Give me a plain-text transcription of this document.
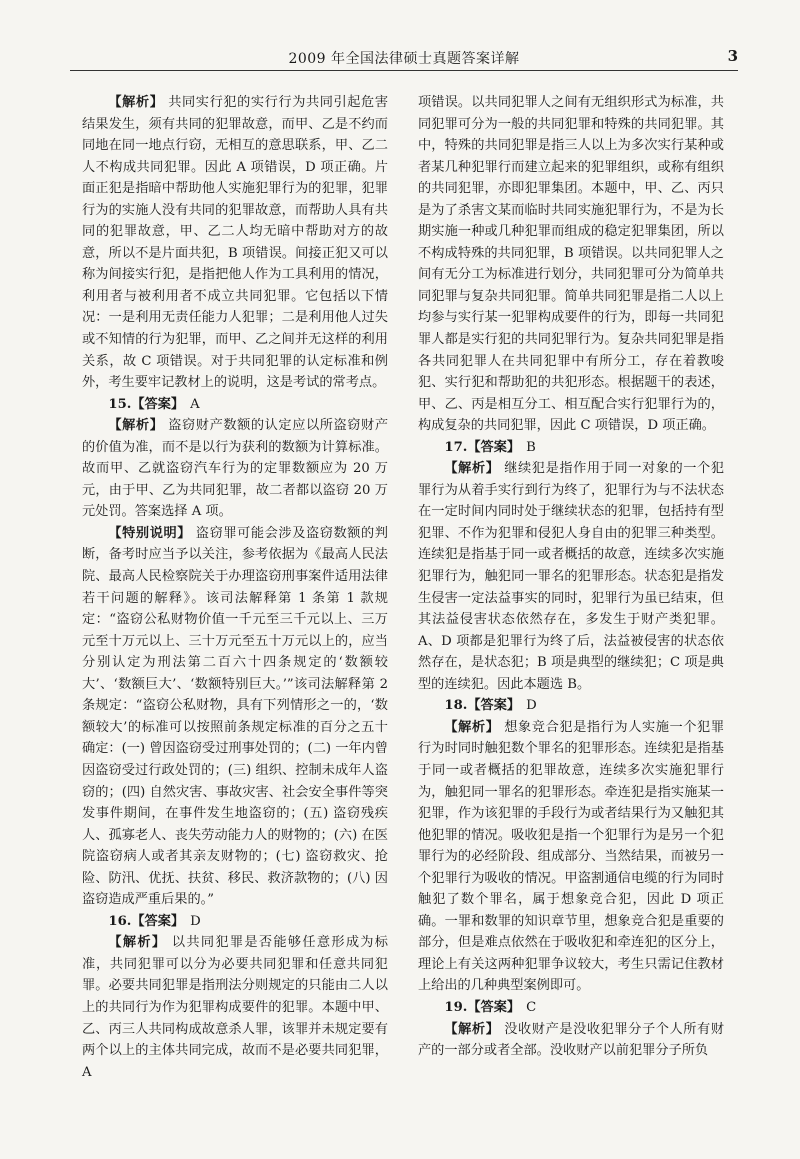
2009 年全国法律硕士真题答案详解	3

【解析】 共同实行犯的实行行为共同引起危害结果发生，须有共同的犯罪故意，而甲、乙是不约而同地在同一地点行窃，无相互的意思联系，甲、乙二人不构成共同犯罪。因此 A 项错误，D 项正确。片面正犯是指暗中帮助他人实施犯罪行为的犯罪，犯罪行为的实施人没有共同的犯罪故意，而帮助人具有共同的犯罪故意，甲、乙二人均无暗中帮助对方的故意，所以不是片面共犯，B 项错误。间接正犯又可以称为间接实行犯，是指把他人作为工具利用的情况，利用者与被利用者不成立共同犯罪。它包括以下情况：一是利用无责任能力人犯罪；二是利用他人过失或不知情的行为犯罪，而甲、乙之间并无这样的利用关系，故 C 项错误。对于共同犯罪的认定标准和例外，考生要牢记教材上的说明，这是考试的常考点。

15.【答案】 A

【解析】 盗窃财产数额的认定应以所盗窃财产的价值为准，而不是以行为获利的数额为计算标准。故而甲、乙就盗窃汽车行为的定罪数额应为 20 万元，由于甲、乙为共同犯罪，故二者都以盗窃 20 万元处罚。答案选择 A 项。

【特别说明】 盗窃罪可能会涉及盗窃数额的判断，备考时应当予以关注，参考依据为《最高人民法院、最高人民检察院关于办理盗窃刑事案件适用法律若干问题的解释》。该司法解释第 1 条第 1 款规定：“盗窃公私财物价值一千元至三千元以上、三万元至十万元以上、三十万元至五十万元以上的，应当分别认定为刑法第二百六十四条规定的‘数额较大’、‘数额巨大’、‘数额特别巨大。’”该司法解释第 2 条规定：“盗窃公私财物，具有下列情形之一的，‘数额较大’的标准可以按照前条规定标准的百分之五十确定：(一) 曾因盗窃受过刑事处罚的；(二) 一年内曾因盗窃受过行政处罚的；(三) 组织、控制未成年人盗窃的；(四) 自然灾害、事故灾害、社会安全事件等突发事件期间，在事件发生地盗窃的；(五) 盗窃残疾人、孤寡老人、丧失劳动能力人的财物的；(六) 在医院盗窃病人或者其亲友财物的；(七) 盗窃救灾、抢险、防汛、优抚、扶贫、移民、救济款物的；(八) 因盗窃造成严重后果的。”

16.【答案】 D

【解析】 以共同犯罪是否能够任意形成为标准，共同犯罪可以分为必要共同犯罪和任意共同犯罪。必要共同犯罪是指刑法分则规定的只能由二人以上的共同行为作为犯罪构成要件的犯罪。本题中甲、乙、丙三人共同构成故意杀人罪，该罪并未规定要有两个以上的主体共同完成，故而不是必要共同犯罪，A

项错误。以共同犯罪人之间有无组织形式为标准，共同犯罪可分为一般的共同犯罪和特殊的共同犯罪。其中，特殊的共同犯罪是指三人以上为多次实行某种或者某几种犯罪行而建立起来的犯罪组织，或称有组织的共同犯罪，亦即犯罪集团。本题中，甲、乙、丙只是为了杀害文某而临时共同实施犯罪行为，不是为长期实施一种或几种犯罪而组成的稳定犯罪集团，所以不构成特殊的共同犯罪，B 项错误。以共同犯罪人之间有无分工为标准进行划分，共同犯罪可分为简单共同犯罪与复杂共同犯罪。简单共同犯罪是指二人以上均参与实行某一犯罪构成要件的行为，即每一共同犯罪人都是实行犯的共同犯罪行为。复杂共同犯罪是指各共同犯罪人在共同犯罪中有所分工，存在着教唆犯、实行犯和帮助犯的共犯形态。根据题干的表述，甲、乙、丙是相互分工、相互配合实行犯罪行为的，构成复杂的共同犯罪，因此 C 项错误，D 项正确。

17.【答案】 B

【解析】 继续犯是指作用于同一对象的一个犯罪行为从着手实行到行为终了，犯罪行为与不法状态在一定时间内同时处于继续状态的犯罪，包括持有型犯罪、不作为犯罪和侵犯人身自由的犯罪三种类型。连续犯是指基于同一或者概括的故意，连续多次实施犯罪行为，触犯同一罪名的犯罪形态。状态犯是指发生侵害一定法益事实的同时，犯罪行为虽已结束，但其法益侵害状态依然存在，多发生于财产类犯罪。A、D 项都是犯罪行为终了后，法益被侵害的状态依然存在，是状态犯；B 项是典型的继续犯；C 项是典型的连续犯。因此本题选 B。

18.【答案】 D

【解析】 想象竞合犯是指行为人实施一个犯罪行为时同时触犯数个罪名的犯罪形态。连续犯是指基于同一或者概括的犯罪故意，连续多次实施犯罪行为，触犯同一罪名的犯罪形态。牵连犯是指实施某一犯罪，作为该犯罪的手段行为或者结果行为又触犯其他犯罪的情况。吸收犯是指一个犯罪行为是另一个犯罪行为的必经阶段、组成部分、当然结果，而被另一个犯罪行为吸收的情况。甲盗割通信电缆的行为同时触犯了数个罪名，属于想象竞合犯，因此 D 项正确。一罪和数罪的知识章节里，想象竞合犯是重要的部分，但是难点依然在于吸收犯和牵连犯的区分上，理论上有关这两种犯罪争议较大，考生只需记住教材上给出的几种典型案例即可。

19.【答案】 C

【解析】 没收财产是没收犯罪分子个人所有财产的一部分或者全部。没收财产以前犯罪分子所负
